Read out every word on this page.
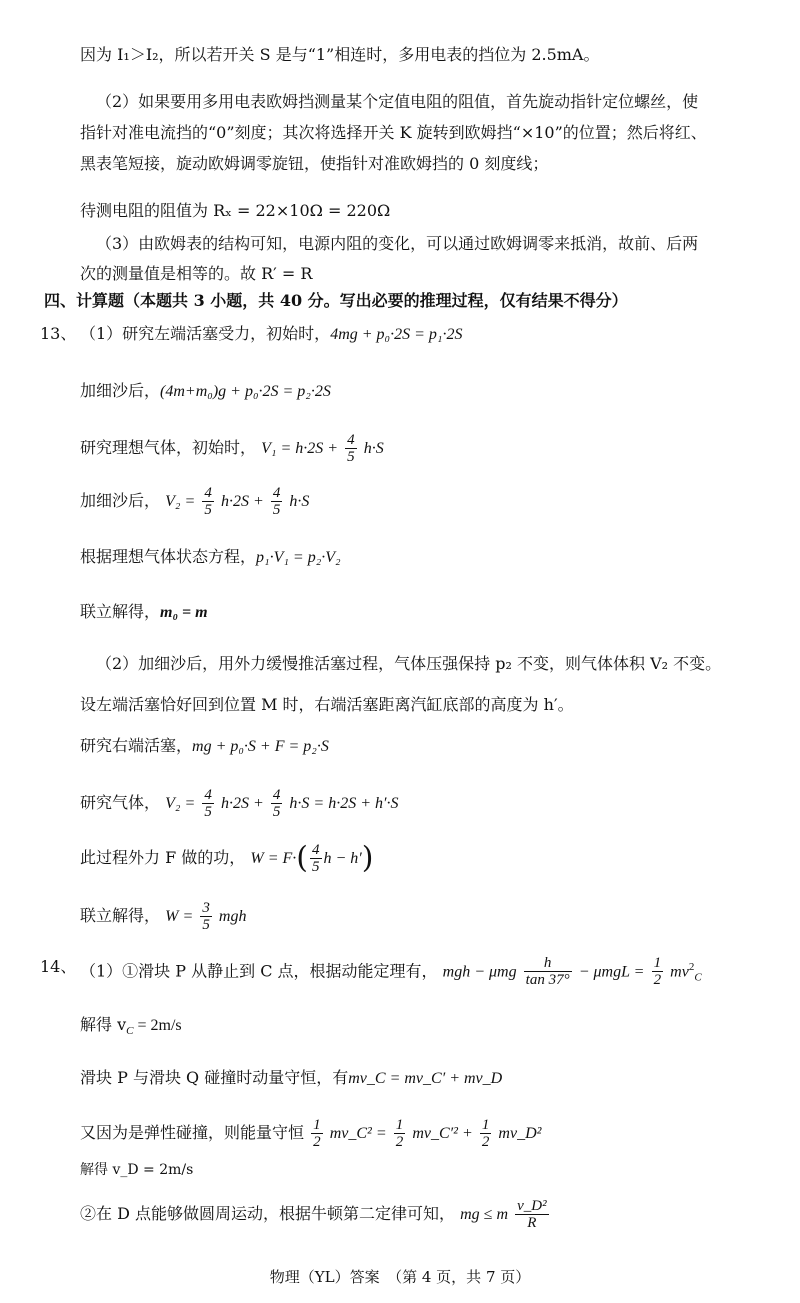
因为 I₁＞I₂，所以若开关 S 是与“1”相连时，多用电表的挡位为 2.5mA。
（2）如果要用多用电表欧姆挡测量某个定值电阻的阻值，首先旋动指针定位螺丝，使
指针对准电流挡的“0”刻度；其次将选择开关 K 旋转到欧姆挡“×10”的位置；然后将红、
黑表笔短接，旋动欧姆调零旋钮，使指针对准欧姆挡的 0 刻度线；
待测电阻的阻值为 Rₓ = 22×10Ω = 220Ω
（3）由欧姆表的结构可知，电源内阻的变化，可以通过欧姆调零来抵消，故前、后两
次的测量值是相等的。故 R′ = R
四、计算题（本题共 3 小题，共 40 分。写出必要的推理过程，仅有结果不得分）
13、 （1）研究左端活塞受力，初始时，4mg + p₀·2S = p₁·2S
加细沙后，(4m+m₀)g + p₀·2S = p₂·2S
研究理想气体，初始时， $V_1 = h\cdot 2S + \frac{4}{5} h\cdot S$
加细沙后， $V_2 = \frac{4}{5} h\cdot 2S + \frac{4}{5} h\cdot S$
根据理想气体状态方程，p₁·V₁ = p₂·V₂
联立解得，m₀ = m
（2）加细沙后，用外力缓慢推活塞过程，气体压强保持 p₂ 不变，则气体体积 V₂ 不变。
设左端活塞恰好回到位置 M 时，右端活塞距离汽缸底部的高度为 h′。
研究右端活塞，mg + p₀·S + F = p₂·S
研究气体， $V_2 = \frac{4}{5} h\cdot 2S + \frac{4}{5} h\cdot S = h\cdot 2S + h'\cdot S$
此过程外力 F 做的功， $W = F\cdot( \frac{4}{5}$ h − h′)
联立解得， $W = \frac{3}{5}$ mgh
14、 （1）①滑块 P 从静止到 C 点，根据动能定理有， mgh − μmg $\frac{h}{\tan 37^\circ} - \mu mgL = \frac{1}{2} mv^2_C$
解得 $v_C = 2m/s$
滑块 P 与滑块 Q 碰撞时动量守恒，有mv_C = mv_C′ + mv_D
又因为是弹性碰撞，则能量守恒 $\frac{1}{2}$ mv_C² = $\frac{1}{2}$ mv_C′² + $\frac{1}{2}$ mv_D²
解得 v_D = 2m/s
②在 D 点能够做圆周运动，根据牛顿第二定律可知， mg ≤ m $\frac{\text{v\_D²}}{R}$
物理（YL）答案　（第 4 页，共 7 页）
